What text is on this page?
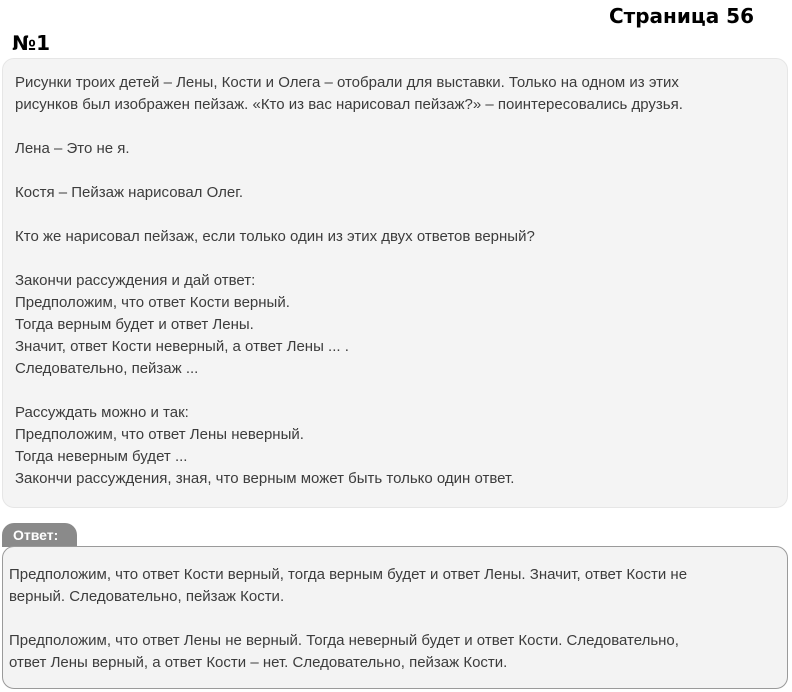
Страница 56
№1
Рисунки троих детей – Лены, Кости и Олега – отобрали для выставки. Только на одном из этих
рисунков был изображен пейзаж. «Кто из вас нарисовал пейзаж?» – поинтересовались друзья.
Лена – Это не я.
Костя – Пейзаж нарисовал Олег.
Кто же нарисовал пейзаж, если только один из этих двух ответов верный?
Закончи рассуждения и дай ответ:
Предположим, что ответ Кости верный.
Тогда верным будет и ответ Лены.
Значит, ответ Кости неверный, а ответ Лены ... .
Следовательно, пейзаж ...
Рассуждать можно и так:
Предположим, что ответ Лены неверный.
Тогда неверным будет ...
Закончи рассуждения, зная, что верным может быть только один ответ.
Ответ:
Предположим, что ответ Кости верный, тогда верным будет и ответ Лены. Значит, ответ Кости не
верный. Следовательно, пейзаж Кости.
Предположим, что ответ Лены не верный. Тогда неверный будет и ответ Кости. Следовательно,
ответ Лены верный, а ответ Кости – нет. Следовательно, пейзаж Кости.
